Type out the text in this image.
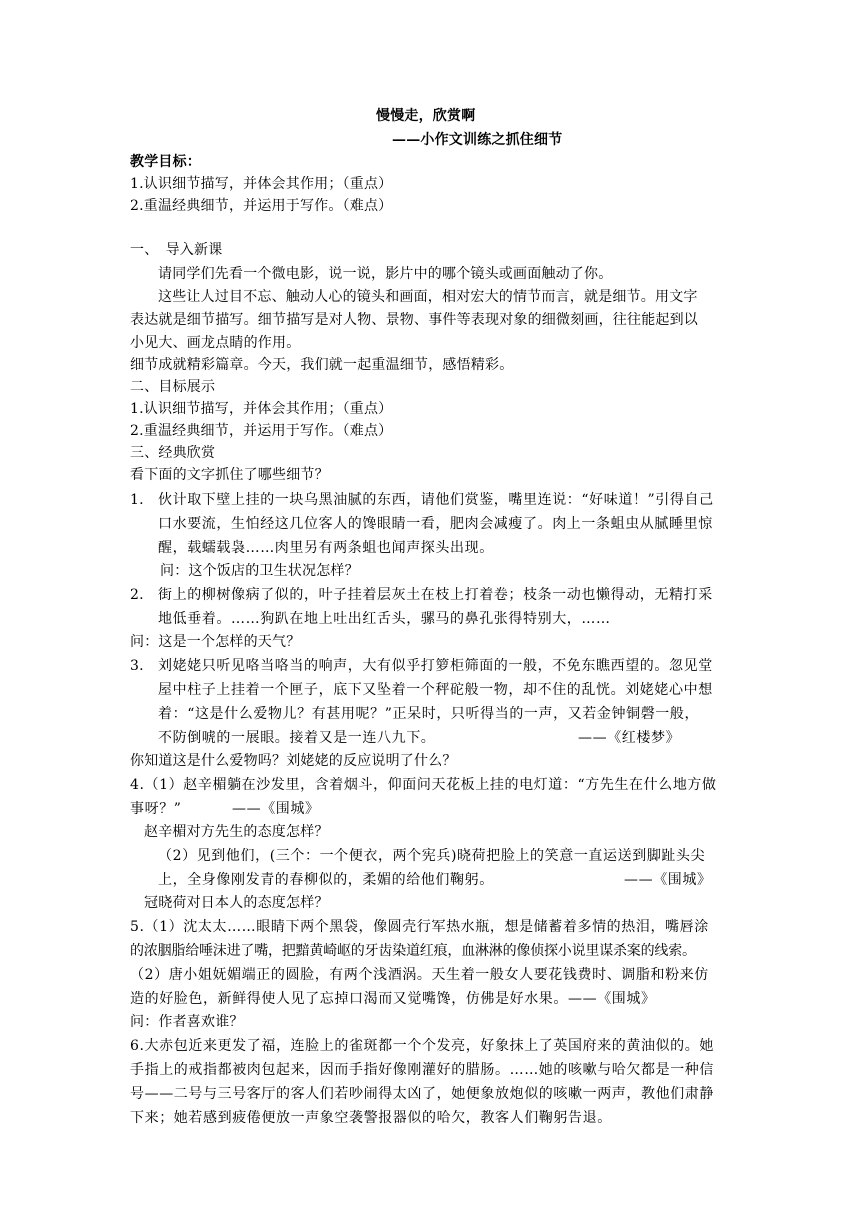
慢慢走，欣赏啊
——小作文训练之抓住细节
教学目标：
1.认识细节描写，并体会其作用；（重点）
2.重温经典细节，并运用于写作。（难点）
一、　导入新课
请同学们先看一个微电影，说一说，影片中的哪个镜头或画面触动了你。
这些让人过目不忘、触动人心的镜头和画面，相对宏大的情节而言，就是细节。用文字
表达就是细节描写。细节描写是对人物、景物、事件等表现对象的细微刻画，往往能起到以
小见大、画龙点睛的作用。
细节成就精彩篇章。今天，我们就一起重温细节，感悟精彩。
二、目标展示
1.认识细节描写，并体会其作用；（重点）
2.重温经典细节，并运用于写作。（难点）
三、经典欣赏
看下面的文字抓住了哪些细节？
1. 伙计取下壁上挂的一块乌黑油腻的东西，请他们赏鉴，嘴里连说：“好味道！”引得自己
口水要流，生怕经这几位客人的馋眼睛一看，肥肉会减瘦了。肉上一条蛆虫从腻睡里惊
醒，载蠕载袅……肉里另有两条蛆也闻声探头出现。
问：这个饭店的卫生状况怎样？
2. 街上的柳树像病了似的，叶子挂着层灰土在枝上打着卷；枝条一动也懒得动，无精打采
地低垂着。……狗趴在地上吐出红舌头，骡马的鼻孔张得特别大，……
问：这是一个怎样的天气？
3. 刘姥姥只听见咯当咯当的响声，大有似乎打箩柜筛面的一般，不免东瞧西望的。忽见堂
屋中柱子上挂着一个匣子，底下又坠着一个秤砣般一物，却不住的乱恍。刘姥姥心中想
着：“这是什么爱物儿？有甚用呢？”正呆时，只听得当的一声，又若金钟铜磬一般，
不防倒唬的一展眼。接着又是一连八九下。	——《红楼梦》
你知道这是什么爱物吗？刘姥姥的反应说明了什么？
4.（1）赵辛楣躺在沙发里，含着烟斗，仰面问天花板上挂的电灯道：“方先生在什么地方做
事呀？”	——《围城》
赵辛楣对方先生的态度怎样？
（2）见到他们，(三个：一个便衣，两个宪兵)晓荷把脸上的笑意一直运送到脚趾头尖
上，全身像刚发青的春柳似的，柔媚的给他们鞠躬。	——《围城》
冠晓荷对日本人的态度怎样？
5.（1）沈太太……眼睛下两个黑袋，像圆壳行军热水瓶，想是储蓄着多情的热泪，嘴唇涂
的浓胭脂给唾沫进了嘴，把黯黄崎岖的牙齿染道红痕，血淋淋的像侦探小说里谋杀案的线索。
（2）唐小姐妩媚端正的圆脸，有两个浅酒涡。天生着一般女人要花钱费时、调脂和粉来仿
造的好脸色，新鲜得使人见了忘掉口渴而又觉嘴馋，仿佛是好水果。——《围城》
问：作者喜欢谁？
6.大赤包近来更发了福，连脸上的雀斑都一个个发亮，好象抹上了英国府来的黄油似的。她
手指上的戒指都被肉包起来，因而手指好像刚灌好的腊肠。……她的咳嗽与哈欠都是一种信
号——二号与三号客厅的客人们若吵闹得太凶了，她便象放炮似的咳嗽一两声，教他们肃静
下来；她若感到疲倦便放一声象空袭警报器似的哈欠，教客人们鞠躬告退。
